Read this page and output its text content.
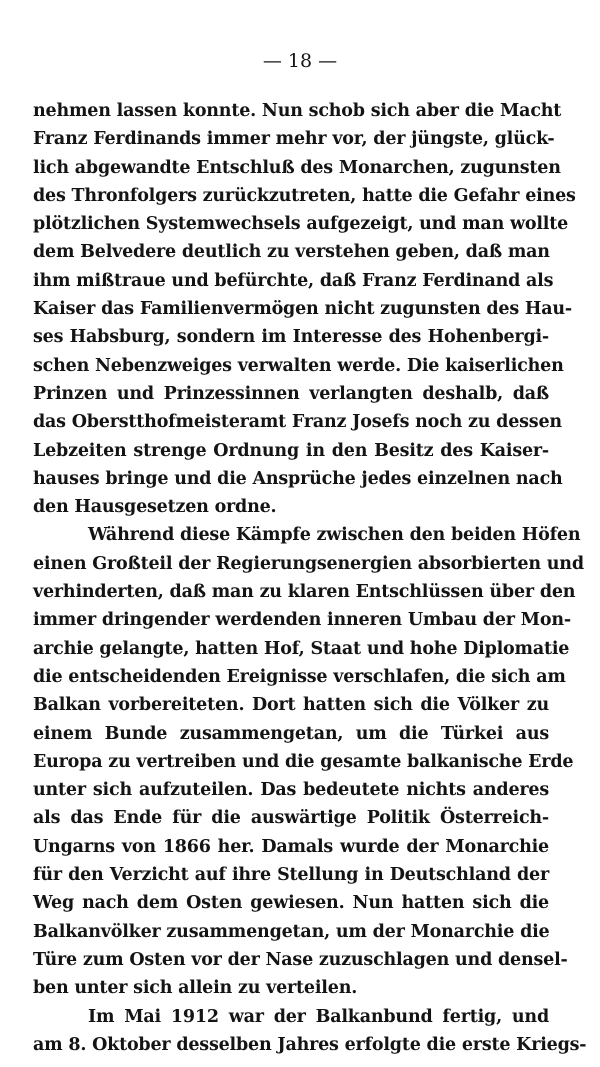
— 18 —
nehmen lassen konnte. Nun schob sich aber die Macht
Franz Ferdinands immer mehr vor, der jüngste, glück-
lich abgewandte Entschluß des Monarchen, zugunsten
des Thronfolgers zurückzutreten, hatte die Gefahr eines
plötzlichen Systemwechsels aufgezeigt, und man wollte
dem Belvedere deutlich zu verstehen geben, daß man
ihm mißtraue und befürchte, daß Franz Ferdinand als
Kaiser das Familienvermögen nicht zugunsten des Hau-
ses Habsburg, sondern im Interesse des Hohenbergi-
schen Nebenzweiges verwalten werde. Die kaiserlichen
Prinzen und Prinzessinnen verlangten deshalb, daß
das Oberstthofmeisteramt Franz Josefs noch zu dessen
Lebzeiten strenge Ordnung in den Besitz des Kaiser-
hauses bringe und die Ansprüche jedes einzelnen nach
den Hausgesetzen ordne.
Während diese Kämpfe zwischen den beiden Höfen
einen Großteil der Regierungsenergien absorbierten und
verhinderten, daß man zu klaren Entschlüssen über den
immer dringender werdenden inneren Umbau der Mon-
archie gelangte, hatten Hof, Staat und hohe Diplomatie
die entscheidenden Ereignisse verschlafen, die sich am
Balkan vorbereiteten. Dort hatten sich die Völker zu
einem Bunde zusammengetan, um die Türkei aus
Europa zu vertreiben und die gesamte balkanische Erde
unter sich aufzuteilen. Das bedeutete nichts anderes
als das Ende für die auswärtige Politik Österreich-
Ungarns von 1866 her. Damals wurde der Monarchie
für den Verzicht auf ihre Stellung in Deutschland der
Weg nach dem Osten gewiesen. Nun hatten sich die
Balkanvölker zusammengetan, um der Monarchie die
Türe zum Osten vor der Nase zuzuschlagen und densel-
ben unter sich allein zu verteilen.
Im Mai 1912 war der Balkanbund fertig, und
am 8. Oktober desselben Jahres erfolgte die erste Kriegs-
